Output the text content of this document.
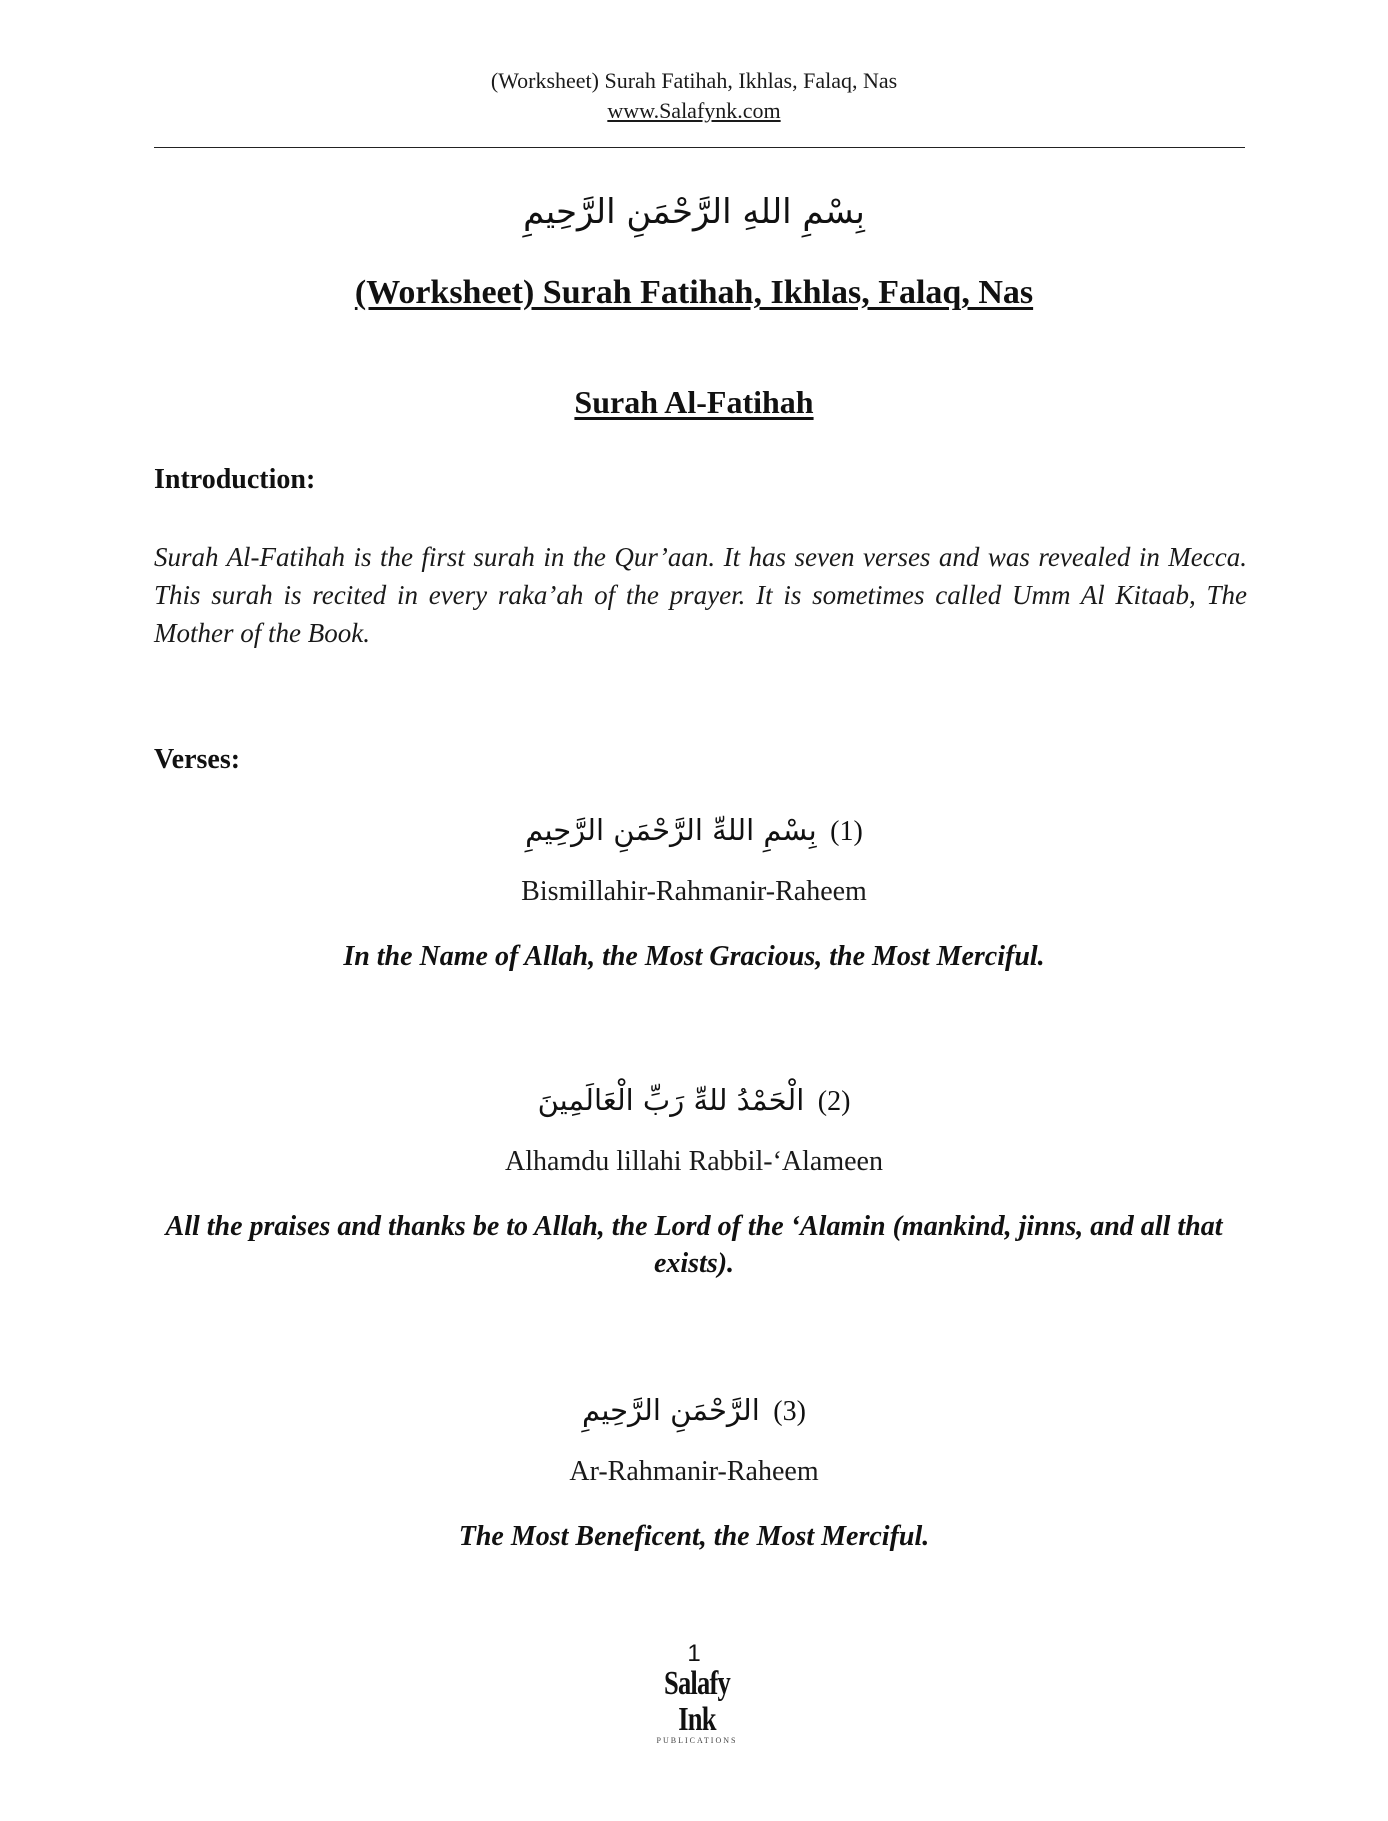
(Worksheet) Surah Fatihah, Ikhlas, Falaq, Nas
www.Salafynk.com
بِسْمِ اللهِ الرَّحْمَنِ الرَّحِيمِ
(Worksheet) Surah Fatihah, Ikhlas, Falaq, Nas
Surah Al-Fatihah
Introduction:
Surah Al-Fatihah is the first surah in the Qur’aan. It has seven verses and was revealed in Mecca. This surah is recited in every raka’ah of the prayer. It is sometimes called Umm Al Kitaab, The Mother of the Book.
Verses:
بِسْمِ اللهِّ الرَّحْمَنِ الرَّحِيمِ (1)
Bismillahir-Rahmanir-Raheem
In the Name of Allah, the Most Gracious, the Most Merciful.
الْحَمْدُ للهِّ رَبِّ الْعَالَمِينَ (2)
Alhamdu lillahi Rabbil-‘Alameen
All the praises and thanks be to Allah, the Lord of the ‘Alamin (mankind, jinns, and all that exists).
الرَّحْمَنِ الرَّحِيمِ (3)
Ar-Rahmanir-Raheem
The Most Beneficent, the Most Merciful.
1
Salafy Ink
PUBLICATIONS
